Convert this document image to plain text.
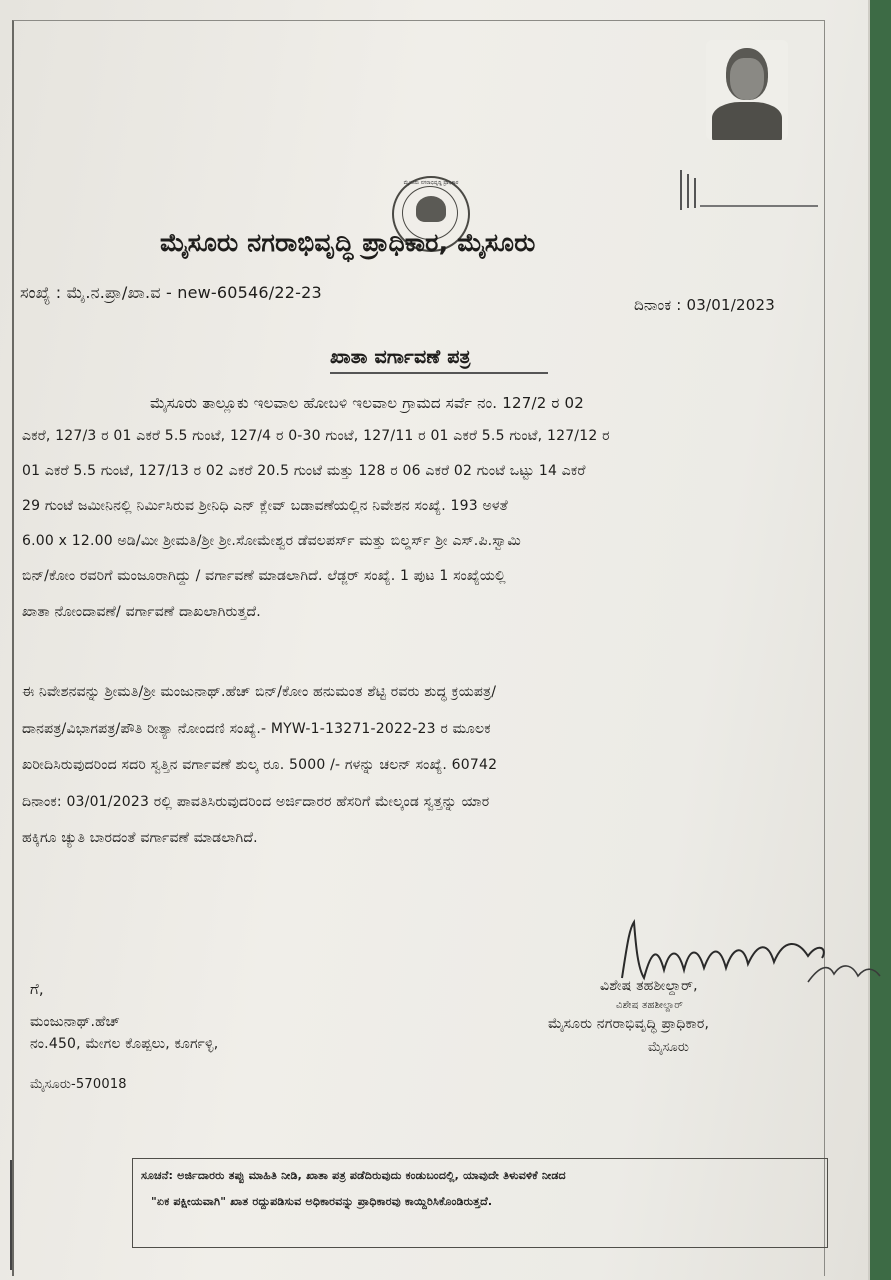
ಮೈಸೂರು ನಗರಾಭಿವೃದ್ಧಿ ಪ್ರಾಧಿಕಾರ
ಮೈಸೂರು ನಗರಾಭಿವೃದ್ಧಿ ಪ್ರಾಧಿಕಾರ, ಮೈಸೂರು
ಸಂಖ್ಯೆ : ಮೈ.ನ.ಪ್ರಾ/ಖಾ.ವ - new-60546/22-23
ದಿನಾಂಕ : 03/01/2023
ಖಾತಾ ವರ್ಗಾವಣೆ ಪತ್ರ
ಮೈಸೂರು ತಾಲ್ಲೂಕು ಇಲವಾಲ ಹೋಬಳಿ ಇಲವಾಲ ಗ್ರಾಮದ ಸರ್ವೆ ನಂ. 127/2 ರ 02
ಎಕರೆ, 127/3 ರ 01 ಎಕರೆ 5.5 ಗುಂಟೆ, 127/4 ರ 0-30 ಗುಂಟೆ, 127/11 ರ 01 ಎಕರೆ 5.5 ಗುಂಟೆ, 127/12 ರ
01 ಎಕರೆ 5.5 ಗುಂಟೆ, 127/13 ರ 02 ಎಕರೆ 20.5 ಗುಂಟೆ ಮತ್ತು 128 ರ 06 ಎಕರೆ 02 ಗುಂಟೆ ಒಟ್ಟು 14 ಎಕರೆ
29 ಗುಂಟೆ ಜಮೀನಿನಲ್ಲಿ ನಿರ್ಮಿಸಿರುವ ಶ್ರೀನಿಧಿ ಎನ್ ಕ್ಲೇವ್ ಬಡಾವಣೆಯಲ್ಲಿನ ನಿವೇಶನ ಸಂಖ್ಯೆ. 193 ಅಳತೆ
6.00 x 12.00 ಅಡಿ/ಮೀ ಶ್ರೀಮತಿ/ಶ್ರೀ ಶ್ರೀ.ಸೋಮೇಶ್ವರ ಡೆವಲಪರ್ಸ್ ಮತ್ತು ಬಿಲ್ಡರ್ಸ್ ಶ್ರೀ ಎಸ್.ಪಿ.ಸ್ವಾಮಿ
ಬಿನ್/ಕೋಂ ರವರಿಗೆ ಮಂಜೂರಾಗಿದ್ದು / ವರ್ಗಾವಣೆ ಮಾಡಲಾಗಿದೆ. ಲೆಡ್ಜರ್ ಸಂಖ್ಯೆ. 1 ಪುಟ 1 ಸಂಖ್ಯೆಯಲ್ಲಿ
ಖಾತಾ ನೋಂದಾವಣೆ/ ವರ್ಗಾವಣೆ ದಾಖಲಾಗಿರುತ್ತದೆ.
ಈ ನಿವೇಶನವನ್ನು ಶ್ರೀಮತಿ/ಶ್ರೀ ಮಂಜುನಾಥ್.ಹೆಚ್ ಬಿನ್/ಕೋಂ ಹನುಮಂತ ಶೆಟ್ಟಿ ರವರು ಶುದ್ಧ ಕ್ರಯಪತ್ರ/
ದಾನಪತ್ರ/ವಿಭಾಗಪತ್ರ/ಪೌತಿ ರೀತ್ಯಾ ನೋಂದಣಿ ಸಂಖ್ಯೆ.- MYW-1-13271-2022-23 ರ ಮೂಲಕ
ಖರೀದಿಸಿರುವುದರಿಂದ ಸದರಿ ಸ್ವತ್ತಿನ ವರ್ಗಾವಣೆ ಶುಲ್ಕ ರೂ. 5000 /- ಗಳನ್ನು ಚಲನ್ ಸಂಖ್ಯೆ. 60742
ದಿನಾಂಕ: 03/01/2023 ರಲ್ಲಿ ಪಾವತಿಸಿರುವುದರಿಂದ ಅರ್ಜಿದಾರರ ಹೆಸರಿಗೆ ಮೇಲ್ಕಂಡ ಸ್ವತ್ತನ್ನು ಯಾರ
ಹಕ್ಕಿಗೂ ಚ್ಯುತಿ ಬಾರದಂತೆ ವರ್ಗಾವಣೆ ಮಾಡಲಾಗಿದೆ.
ಗೆ,
ಮಂಜುನಾಥ್.ಹೆಚ್
ನಂ.450, ಮೇಗಲ ಕೊಪ್ಪಲು, ಕೂರ್ಗಳ್ಳಿ,
ಮೈಸೂರು-570018
ವಿಶೇಷ ತಹಶೀಲ್ದಾರ್,
ವಿಶೇಷ ತಹಶೀಲ್ದಾರ್
ಮೈಸೂರು ನಗರಾಭಿವೃದ್ಧಿ ಪ್ರಾಧಿಕಾರ,
ಮೈಸೂರು
ಸೂಚನೆ: ಅರ್ಜಿದಾರರು ತಪ್ಪು ಮಾಹಿತಿ ನೀಡಿ, ಖಾತಾ ಪತ್ರ ಪಡೆದಿರುವುದು ಕಂಡುಬಂದಲ್ಲಿ, ಯಾವುದೇ ತಿಳುವಳಿಕೆ ನೀಡದ
"ಏಕ ಪಕ್ಷೀಯವಾಗಿ" ಖಾತ ರದ್ದುಪಡಿಸುವ ಅಧಿಕಾರವನ್ನು ಪ್ರಾಧಿಕಾರವು ಕಾಯ್ದಿರಿಸಿಕೊಂಡಿರುತ್ತದೆ.
